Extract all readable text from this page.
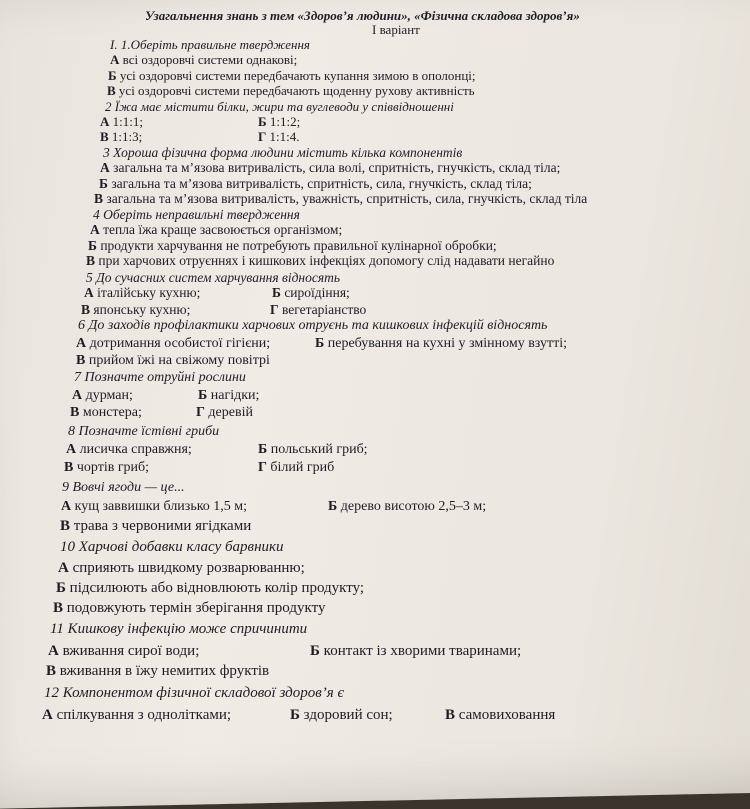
Узагальнення знань з тем «Здоров’я людини», «Фізична складова здоров’я»
І варіант
I. 1.Оберіть правильне твердження
А всі оздоровчі системи однакові;
Б усі оздоровчі системи передбачають купання зимою в ополонці;
В усі оздоровчі системи передбачають щоденну рухову активність
2 Їжа має містити білки, жири та вуглеводи у співвідношенні
А 1:1:1;	Б 1:1:2;
В 1:1:3;	Г 1:1:4.
3 Хороша фізична форма людини містить кілька компонентів
А загальна та м’язова витривалість, сила волі, спритність, гнучкість, склад тіла;
Б загальна та м’язова витривалість, спритність, сила, гнучкість, склад тіла;
В загальна та м’язова витривалість, уважність, спритність, сила, гнучкість, склад тіла
4 Оберіть неправильні твердження
А тепла їжа краще засвоюється організмом;
Б продукти харчування не потребують правильної кулінарної обробки;
В при харчових отруєннях і кишкових інфекціях допомогу слід надавати негайно
5 До сучасних систем харчування відносять
А італійську кухню;	Б сироїдіння;
В японську кухню;	Г вегетаріанство
6 До заходів профілактики харчових отруєнь та кишкових інфекцій відносять
А дотримання особистої гігієни;	Б перебування на кухні у змінному взутті;
В прийом їжі на свіжому повітрі
7 Позначте отруйні рослини
А дурман;	Б нагідки;
В монстера;	Г деревій
8 Позначте їстівні гриби
А лисичка справжня;	Б польський гриб;
В чортів гриб;	Г білий гриб
9 Вовчі ягоди — це...
А кущ заввишки близько 1,5 м;	Б дерево висотою 2,5–3 м;
В трава з червоними ягідками
10 Харчові добавки класу барвники
А сприяють швидкому розварюванню;
Б підсилюють або відновлюють колір продукту;
В подовжують термін зберігання продукту
11 Кишкову інфекцію може спричинити
А вживання сирої води;	Б контакт із хворими тваринами;
В вживання в їжу немитих фруктів
12 Компонентом фізичної складової здоров’я є
А спілкування з однолітками;	Б здоровий сон;	В самовиховання
